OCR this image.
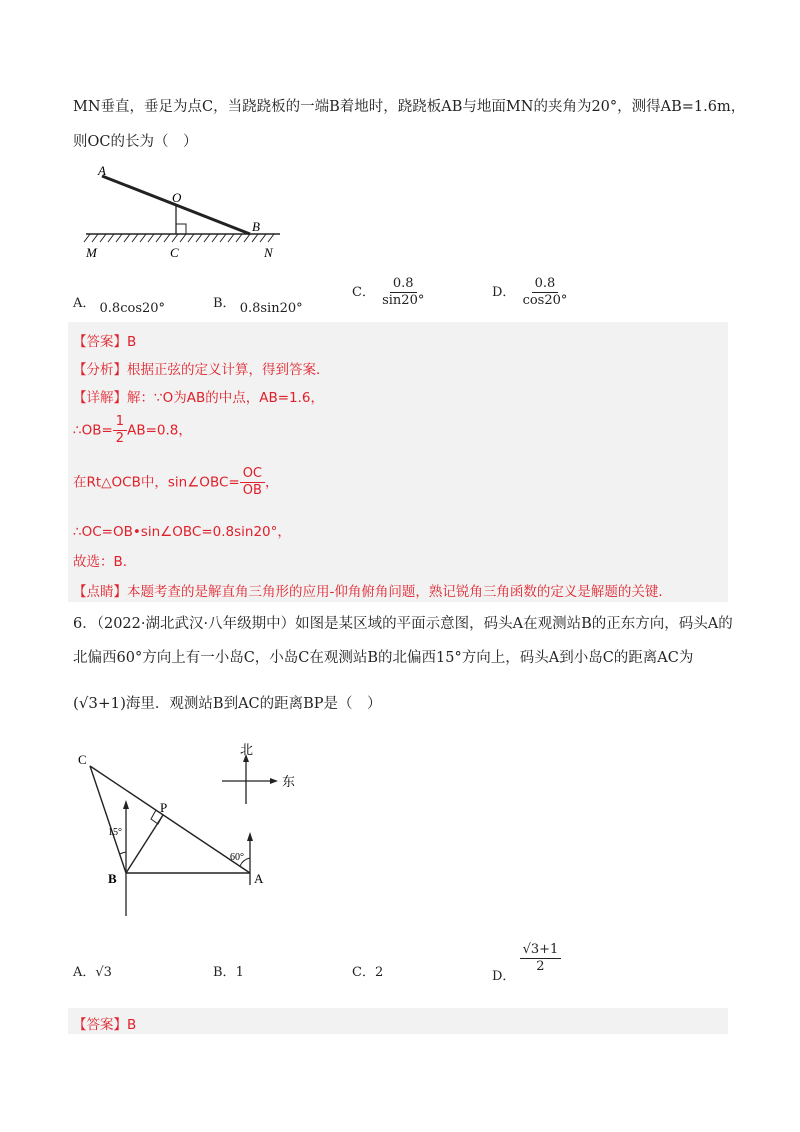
MN垂直，垂足为点C，当跷跷板的一端B着地时，跷跷板AB与地面MN的夹角为20°，测得AB=1.6m，
则OC的长为（　）
A
O
B
M	C	N
A． 0.8cos20°	B． 0.8sin20°
C． $\frac{0.8}{\sin 20^\circ}$	D． $\frac{0.8}{\cos 20^\circ}$
【答案】B
【分析】根据正弦的定义计算，得到答案．
【详解】解：∵O为AB的中点，AB=1.6，
∴OB= $\frac{1}{2} AB=0.8$，
在Rt△OCB中，sin∠OBC= $\frac{OC}{OB}$ ，
∴OC=OB•sin∠OBC=0.8sin20°，
故选：B．
【点睛】本题考查的是解直角三角形的应用-仰角俯角问题，熟记锐角三角函数的定义是解题的关键．
6．（2022·湖北武汉·八年级期中）如图是某区域的平面示意图，码头A在观测站B的正东方向，码头A的
北偏西60°方向上有一小岛C，小岛C在观测站B的北偏西15°方向上，码头A到小岛C的距离AC为
(√3+1)海里．观测站B到AC的距离BP是（　）
北
东
C
P
B	A
15°
60°
A．√3	B．1	C．2	D．
$\frac{√3+1}{2}$
【答案】B
